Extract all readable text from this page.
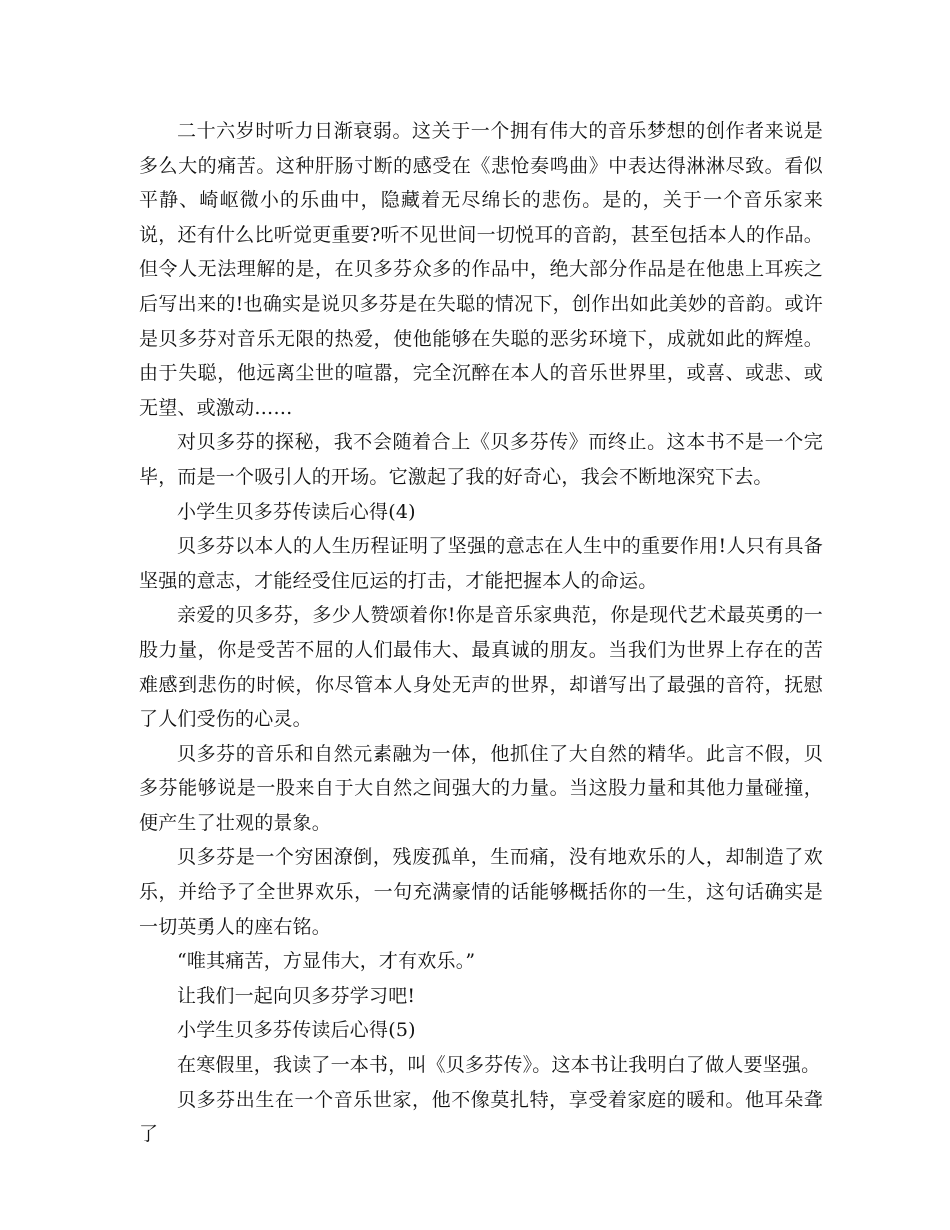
二十六岁时听力日渐衰弱。这关于一个拥有伟大的音乐梦想的创作者来说是多么大的痛苦。这种肝肠寸断的感受在《悲怆奏鸣曲》中表达得淋淋尽致。看似平静、崎岖微小的乐曲中，隐藏着无尽绵长的悲伤。是的，关于一个音乐家来说，还有什么比听觉更重要?听不见世间一切悦耳的音韵，甚至包括本人的作品。但令人无法理解的是，在贝多芬众多的作品中，绝大部分作品是在他患上耳疾之后写出来的!也确实是说贝多芬是在失聪的情况下，创作出如此美妙的音韵。或许是贝多芬对音乐无限的热爱，使他能够在失聪的恶劣环境下，成就如此的辉煌。由于失聪，他远离尘世的喧嚣，完全沉醉在本人的音乐世界里，或喜、或悲、或无望、或激动……

对贝多芬的探秘，我不会随着合上《贝多芬传》而终止。这本书不是一个完毕，而是一个吸引人的开场。它激起了我的好奇心，我会不断地深究下去。

小学生贝多芬传读后心得(4)

贝多芬以本人的人生历程证明了坚强的意志在人生中的重要作用!人只有具备坚强的意志，才能经受住厄运的打击，才能把握本人的命运。

亲爱的贝多芬，多少人赞颂着你!你是音乐家典范，你是现代艺术最英勇的一股力量，你是受苦不屈的人们最伟大、最真诚的朋友。当我们为世界上存在的苦难感到悲伤的时候，你尽管本人身处无声的世界，却谱写出了最强的音符，抚慰了人们受伤的心灵。

贝多芬的音乐和自然元素融为一体，他抓住了大自然的精华。此言不假，贝多芬能够说是一股来自于大自然之间强大的力量。当这股力量和其他力量碰撞，便产生了壮观的景象。

贝多芬是一个穷困潦倒，残废孤单，生而痛，没有地欢乐的人，却制造了欢乐，并给予了全世界欢乐，一句充满豪情的话能够概括你的一生，这句话确实是一切英勇人的座右铭。

“唯其痛苦，方显伟大，才有欢乐。”

让我们一起向贝多芬学习吧!

小学生贝多芬传读后心得(5)

在寒假里，我读了一本书，叫《贝多芬传》。这本书让我明白了做人要坚强。

贝多芬出生在一个音乐世家，他不像莫扎特，享受着家庭的暖和。他耳朵聋了
